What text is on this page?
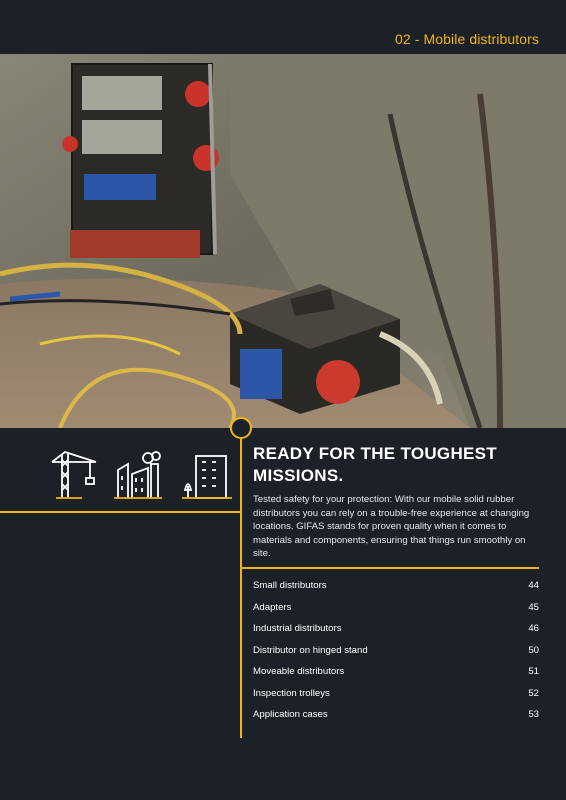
02 - Mobile distributors
READY FOR THE TOUGHEST
MISSIONS.
Tested safety for your protection: With our mobile solid rubber distributors you can rely on a trouble-free experience at changing locations. GIFAS stands for proven quality when it comes to materials and components, ensuring that things run smoothly on site.
Small distributors	44
Adapters	45
Industrial distributors	46
Distributor on hinged stand	50
Moveable distributors	51
Inspection trolleys	52
Application cases	53
